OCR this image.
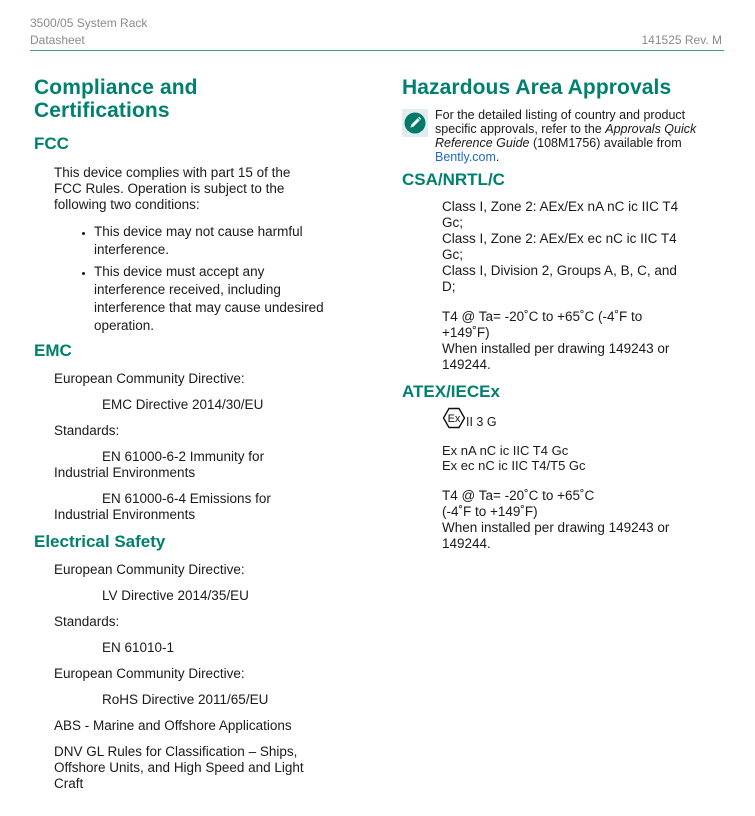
3500/05 System Rack
Datasheet	141525 Rev. M
Compliance and Certifications
FCC

This device complies with part 15 of the FCC Rules. Operation is subject to the following two conditions:

• This device may not cause harmful interference.
• This device must accept any interference received, including interference that may cause undesired operation.
EMC

European Community Directive:

EMC Directive 2014/30/EU

Standards:

EN 61000-6-2 Immunity for Industrial Environments

EN 61000-6-4 Emissions for Industrial Environments

Electrical Safety

European Community Directive:

LV Directive 2014/35/EU

Standards:

EN 61010-1

European Community Directive:

RoHS Directive 2011/65/EU

ABS - Marine and Offshore Applications

DNV GL Rules for Classification – Ships, Offshore Units, and High Speed and Light Craft

Hazardous Area Approvals
For the detailed listing of country and product specific approvals, refer to the Approvals Quick Reference Guide (108M1756) available from Bently.com.
CSA/NRTL/C

Class I, Zone 2: AEx/Ex nA nC ic IIC T4 Gc;

Class I, Zone 2: AEx/Ex ec nC ic IIC T4 Gc;

Class I, Division 2, Groups A, B, C, and D;

T4 @ Ta= -20˚C to +65˚C (-4˚F to +149˚F)

When installed per drawing 149243 or 149244.

ATEX/IECEx
Ex II 3 G

Ex nA nC ic IIC T4 Gc

Ex ec nC ic IIC T4/T5 Gc

T4 @ Ta= -20˚C to +65˚C

(-4˚F to +149˚F)

When installed per drawing 149243 or 149244.
